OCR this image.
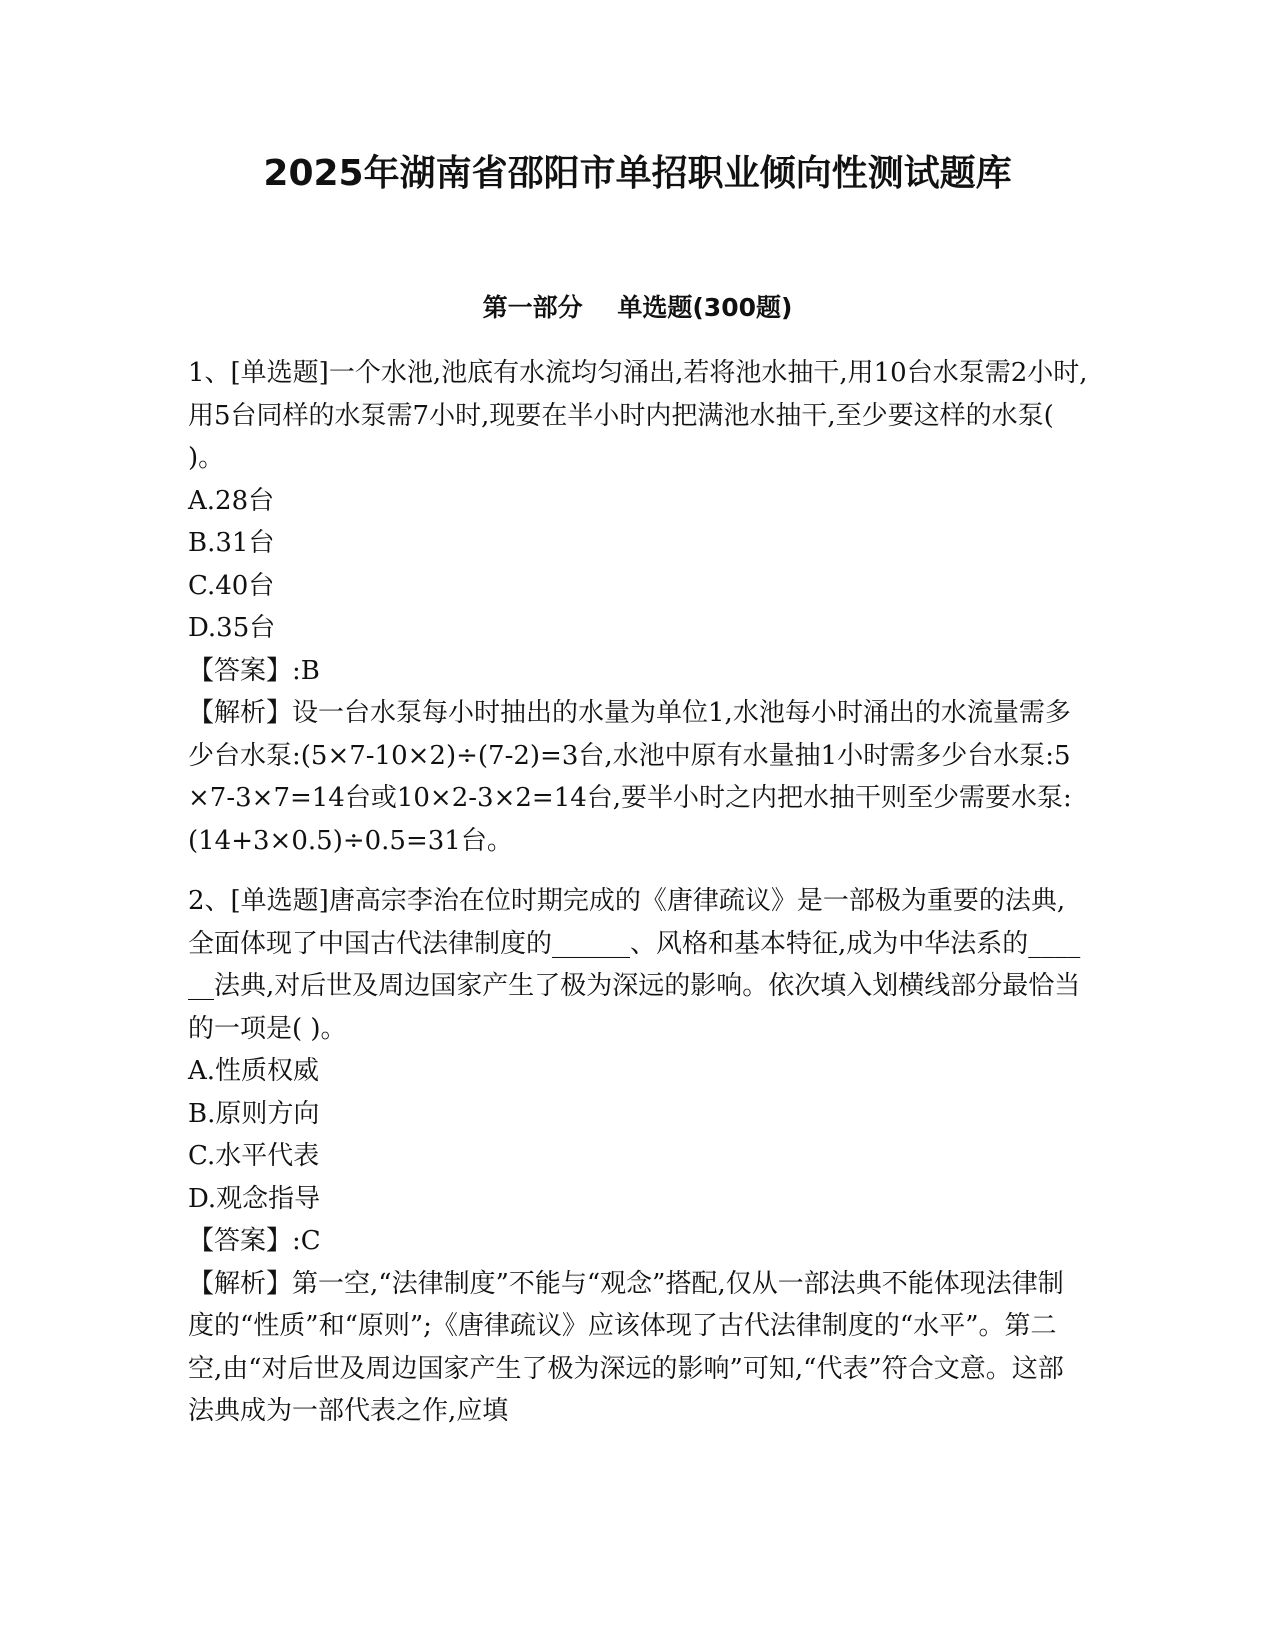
2025年湖南省邵阳市单招职业倾向性测试题库
第一部分    单选题(300题)

1、[单选题]一个水池,池底有水流均匀涌出,若将池水抽干,用10台水泵需2小时,用5台同样的水泵需7小时,现要在半小时内把满池水抽干,至少要这样的水泵( )。

A.28台

B.31台

C.40台

D.35台

【答案】:B

【解析】设一台水泵每小时抽出的水量为单位1,水池每小时涌出的水流量需多少台水泵:(5×7-10×2)÷(7-2)=3台,水池中原有水量抽1小时需多少台水泵:5×7-3×7=14台或10×2-3×2=14台,要半小时之内把水抽干则至少需要水泵:(14+3×0.5)÷0.5=31台。

2、[单选题]唐高宗李治在位时期完成的《唐律疏议》是一部极为重要的法典,全面体现了中国古代法律制度的______、风格和基本特征,成为中华法系的______法典,对后世及周边国家产生了极为深远的影响。依次填入划横线部分最恰当的一项是( )。

A.性质权威

B.原则方向

C.水平代表

D.观念指导

【答案】:C

【解析】第一空,“法律制度”不能与“观念”搭配,仅从一部法典不能体现法律制度的“性质”和“原则”;《唐律疏议》应该体现了古代法律制度的“水平”。第二空,由“对后世及周边国家产生了极为深远的影响”可知,“代表”符合文意。这部法典成为一部代表之作,应填
